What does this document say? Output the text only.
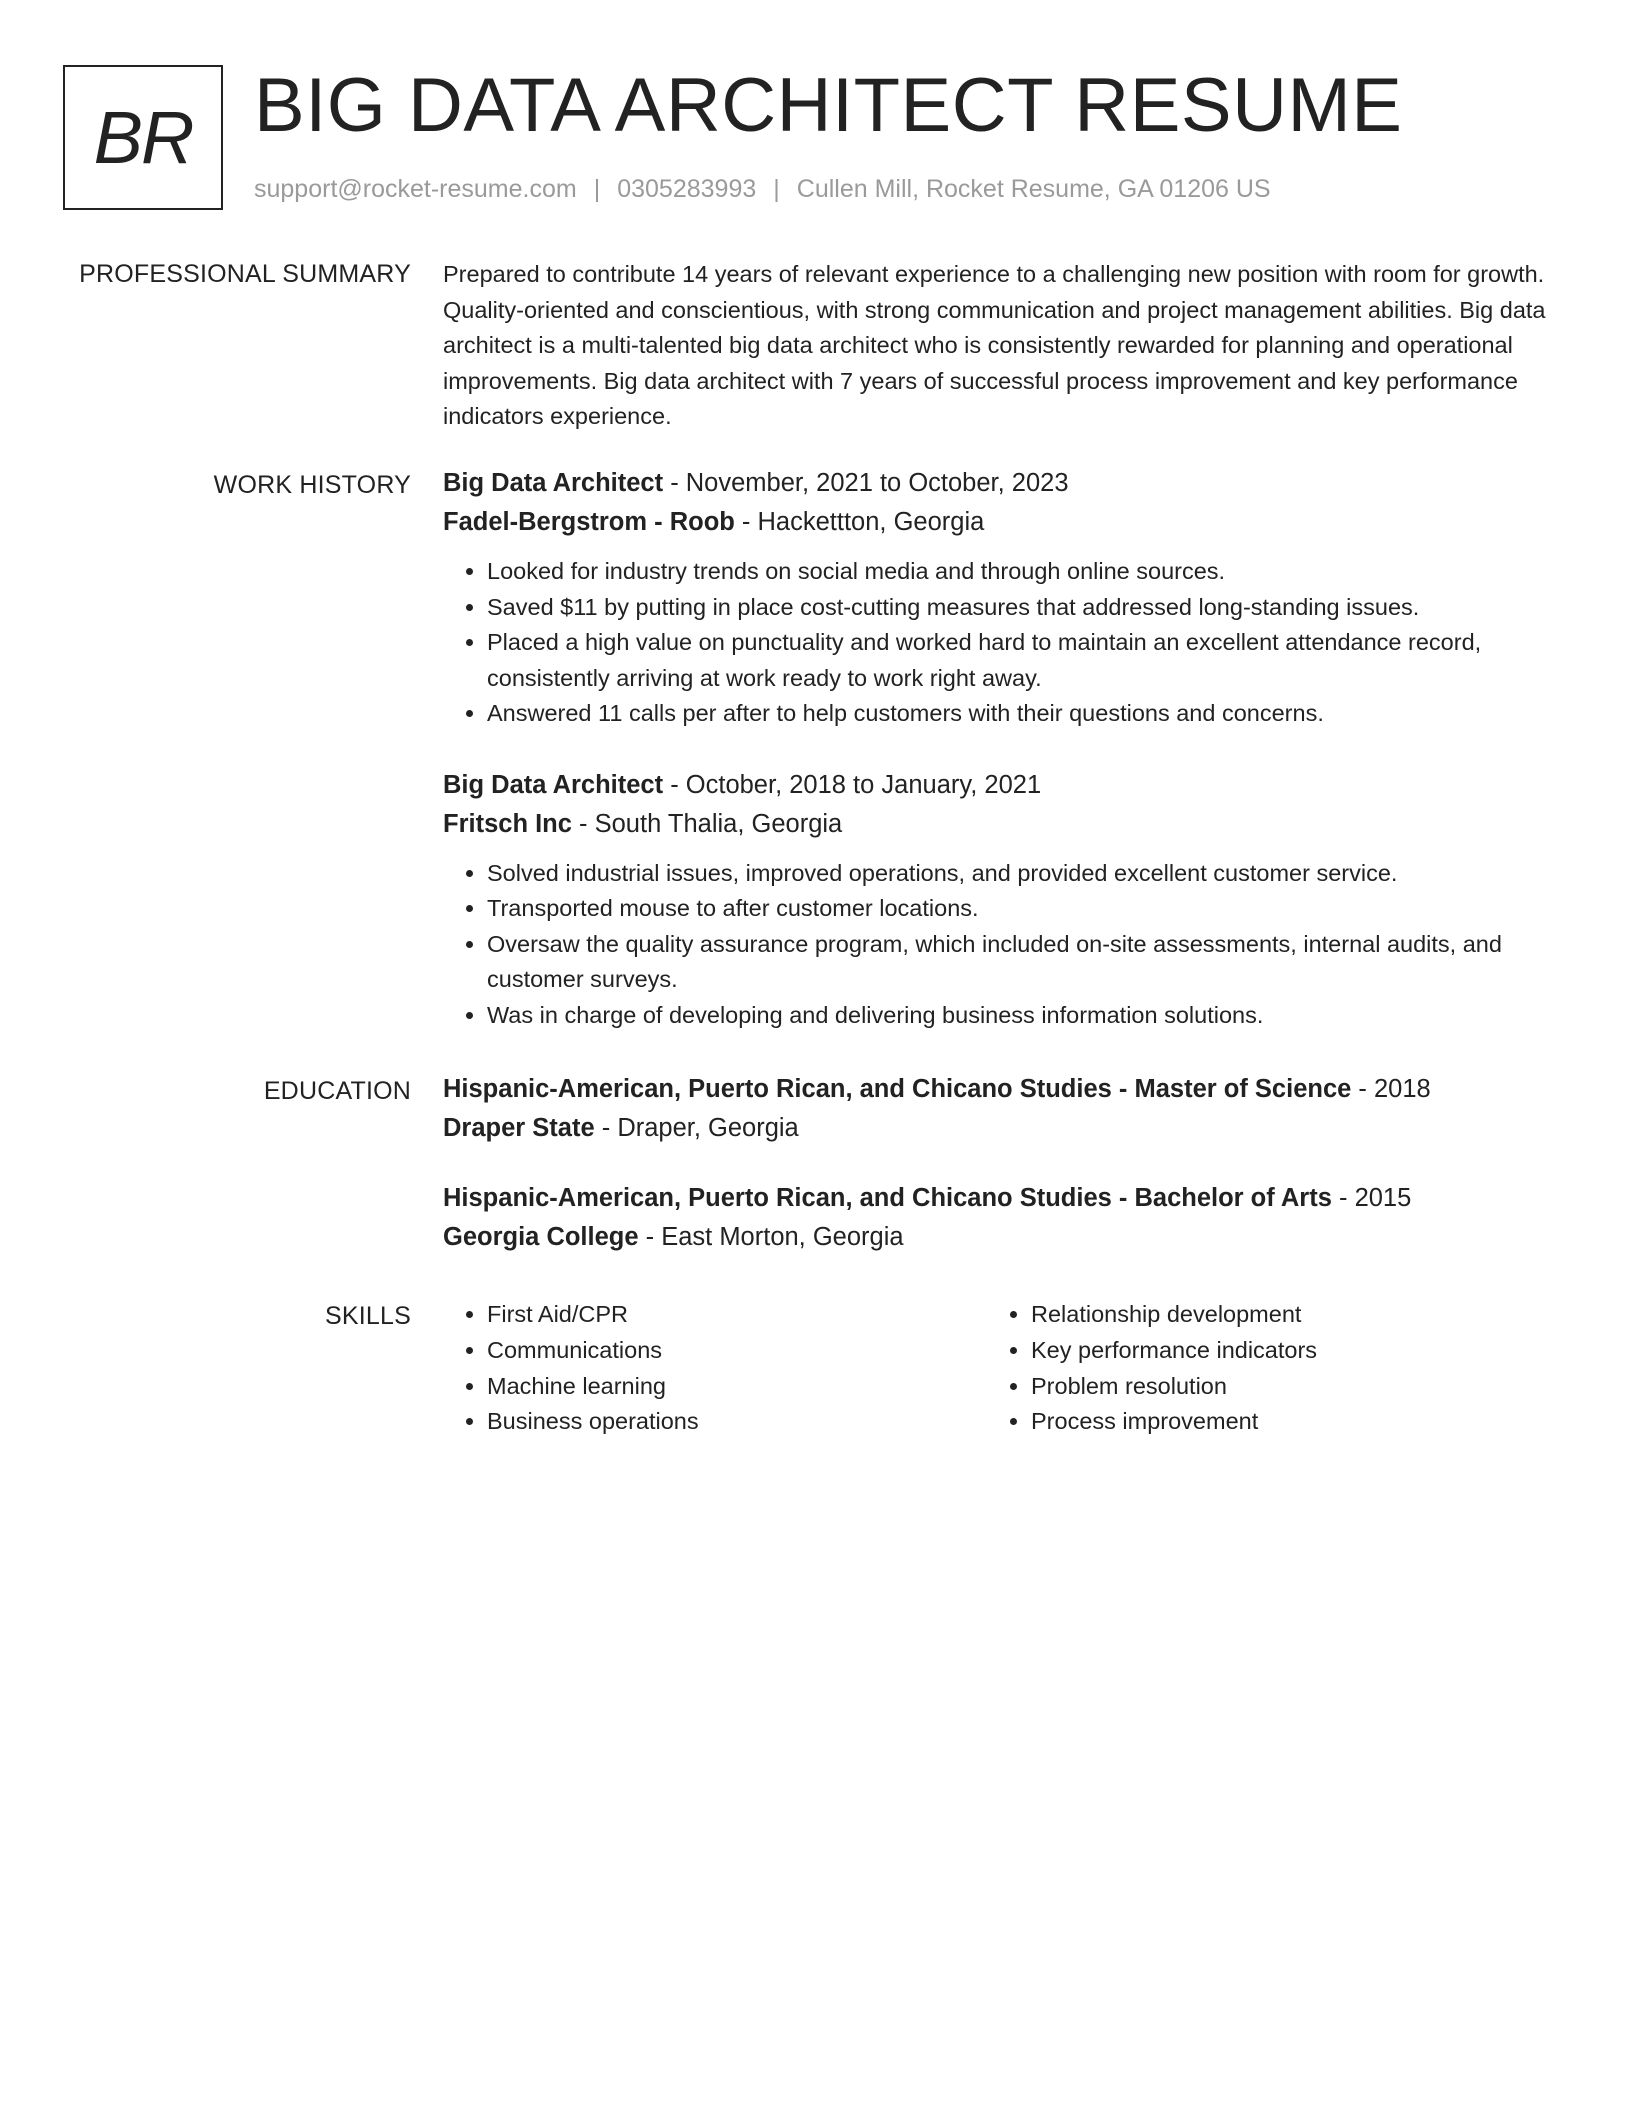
BR BIG DATA ARCHITECT RESUME
support@rocket-resume.com | 0305283993 | Cullen Mill, Rocket Resume, GA 01206 US
PROFESSIONAL SUMMARY Prepared to contribute 14 years of relevant experience to a challenging new position with room for growth. Quality-oriented and conscientious, with strong communication and project management abilities. Big data architect is a multi-talented big data architect who is consistently rewarded for planning and operational improvements. Big data architect with 7 years of successful process improvement and key performance indicators experience.

WORK HISTORY Big Data Architect - November, 2021 to October, 2023
Fadel-Bergstrom - Roob - Hackettton, Georgia
• Looked for industry trends on social media and through online sources.
• Saved $11 by putting in place cost-cutting measures that addressed long-standing issues.
• Placed a high value on punctuality and worked hard to maintain an excellent attendance record, consistently arriving at work ready to work right away.
• Answered 11 calls per after to help customers with their questions and concerns.
Big Data Architect - October, 2018 to January, 2021
Fritsch Inc - South Thalia, Georgia
• Solved industrial issues, improved operations, and provided excellent customer service.
• Transported mouse to after customer locations.
• Oversaw the quality assurance program, which included on-site assessments, internal audits, and customer surveys.
• Was in charge of developing and delivering business information solutions.
EDUCATION Hispanic-American, Puerto Rican, and Chicano Studies - Master of Science - 2018
Draper State - Draper, Georgia
Hispanic-American, Puerto Rican, and Chicano Studies - Bachelor of Arts - 2015
Georgia College - East Morton, Georgia
SKILLS
•	First Aid/CPR
• Communications
• Machine learning
• Business operations
• Relationship development
• Key performance indicators
• Problem resolution
• Process improvement
